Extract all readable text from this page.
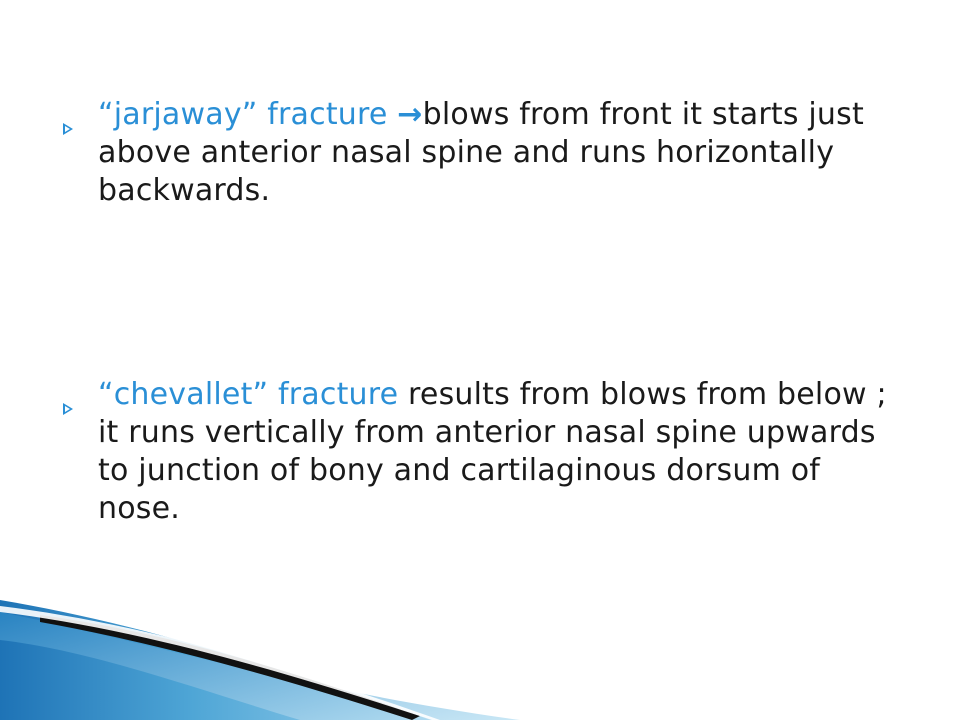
“jarjaway” fracture →blows from front it starts just above anterior nasal spine and runs horizontally backwards.
“chevallet” fracture results from blows from below ; it runs vertically from anterior nasal spine upwards to junction of bony and cartilaginous dorsum of nose.
